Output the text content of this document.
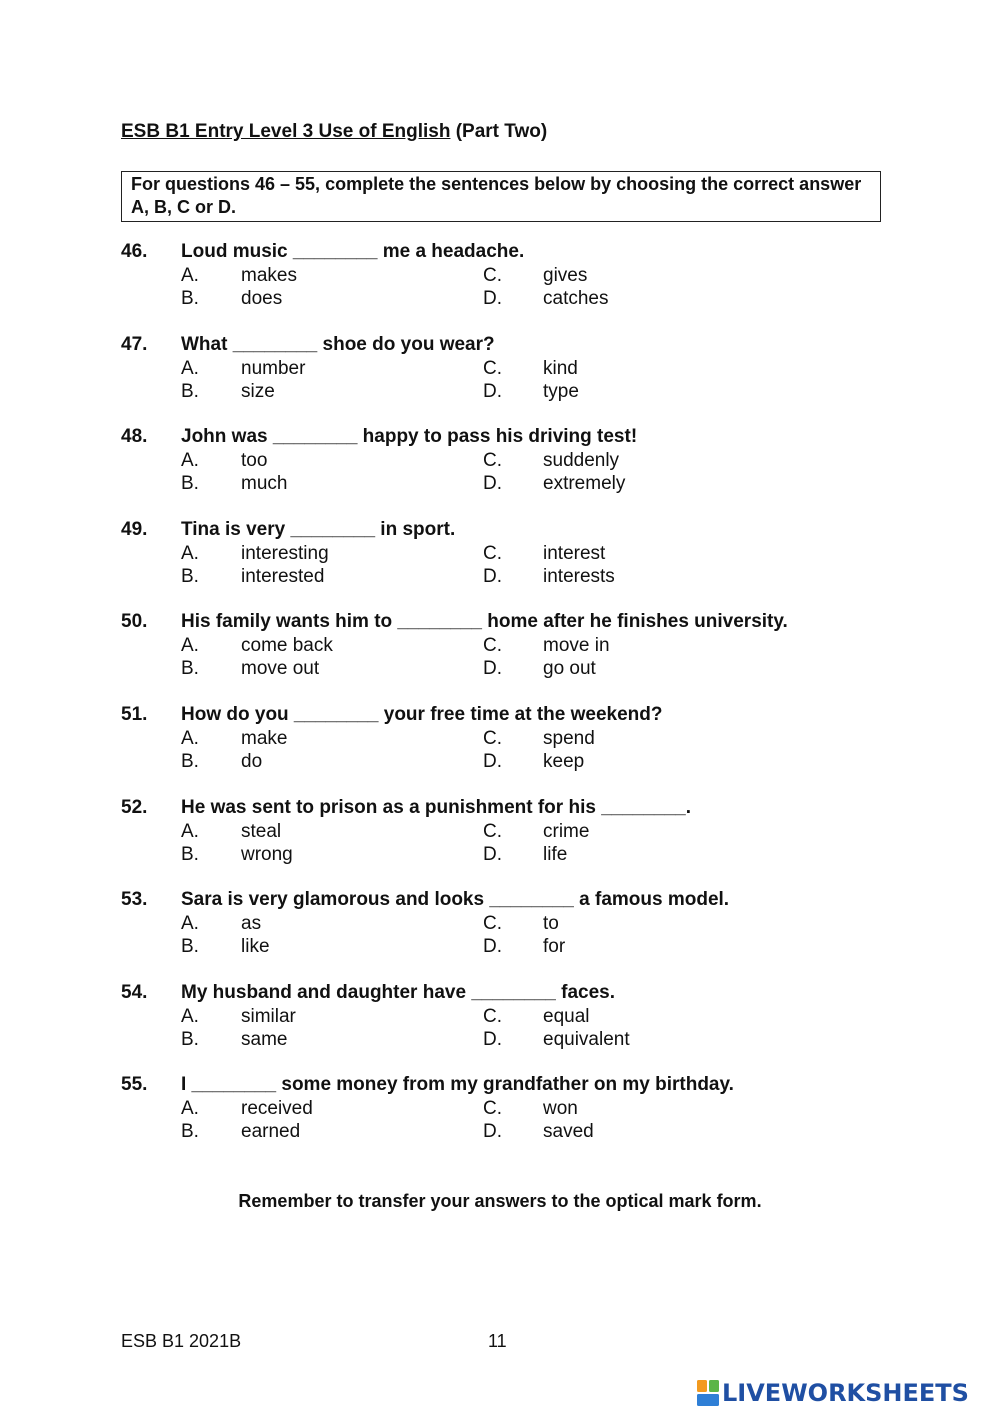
ESB B1 Entry Level 3 Use of English (Part Two)
For questions 46 – 55, complete the sentences below by choosing the correct answer A, B, C or D.
46.	Loud music ________ me a headache.
A. makes
B. does
C. gives
D. catches
47.	What ________ shoe do you wear?
A. number
B. size
C. kind
D. type
48.	John was ________ happy to pass his driving test!
A. too
B. much
C. suddenly
D. extremely
49.	Tina is very ________ in sport.
A. interesting
B. interested
C. interest
D. interests
50.	His family wants him to ________ home after he finishes university.
A. come back
B. move out
C. move in
D. go out
51.	How do you ________ your free time at the weekend?
A. make
B. do
C. spend
D. keep
52.	He was sent to prison as a punishment for his ________.
A. steal
B. wrong
C. crime
D. life
53.	Sara is very glamorous and looks ________ a famous model.
A. as
B. like
C. to
D. for
54.	My husband and daughter have ________ faces.
A. similar
B. same
C. equal
D. equivalent
55.	I ________ some money from my grandfather on my birthday.
A. received
B. earned
C. won
D. saved
Remember to transfer your answers to the optical mark form.
ESB B1 2021B	11
LIVEWORKSHEETS
